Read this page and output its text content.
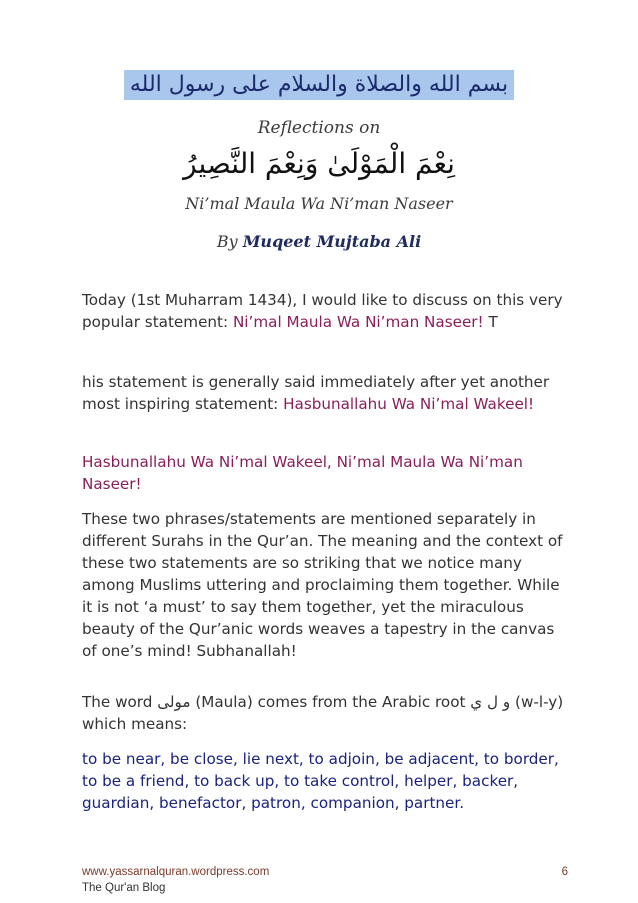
بسم الله والصلاة والسلام على رسول الله
Reflections on
نِعْمَ الْمَوْلَىٰ وَنِعْمَ النَّصِيرُ
Ni’mal Maula Wa Ni’man Naseer
By Muqeet Mujtaba Ali
Today (1st Muharram 1434), I would like to discuss on this very popular statement: Ni’mal Maula Wa Ni’man Naseer! T
his statement is generally said immediately after yet another most inspiring statement: Hasbunallahu Wa Ni’mal Wakeel!
Hasbunallahu Wa Ni’mal Wakeel, Ni’mal Maula Wa Ni’man Naseer!
These two phrases/statements are mentioned separately in different Surahs in the Qur’an. The meaning and the context of these two statements are so striking that we notice many among Muslims uttering and proclaiming them together. While it is not ‘a must’ to say them together, yet the miraculous beauty of the Qur’anic words weaves a tapestry in the canvas of one’s mind! Subhanallah!
The word مولى (Maula) comes from the Arabic root و ل ي (w-l-y) which means:
to be near, be close, lie next, to adjoin, be adjacent, to border, to be a friend, to back up, to take control, helper, backer, guardian, benefactor, patron, companion, partner.
www.yassarnalquran.wordpress.com	6
The Qur'an Blog
